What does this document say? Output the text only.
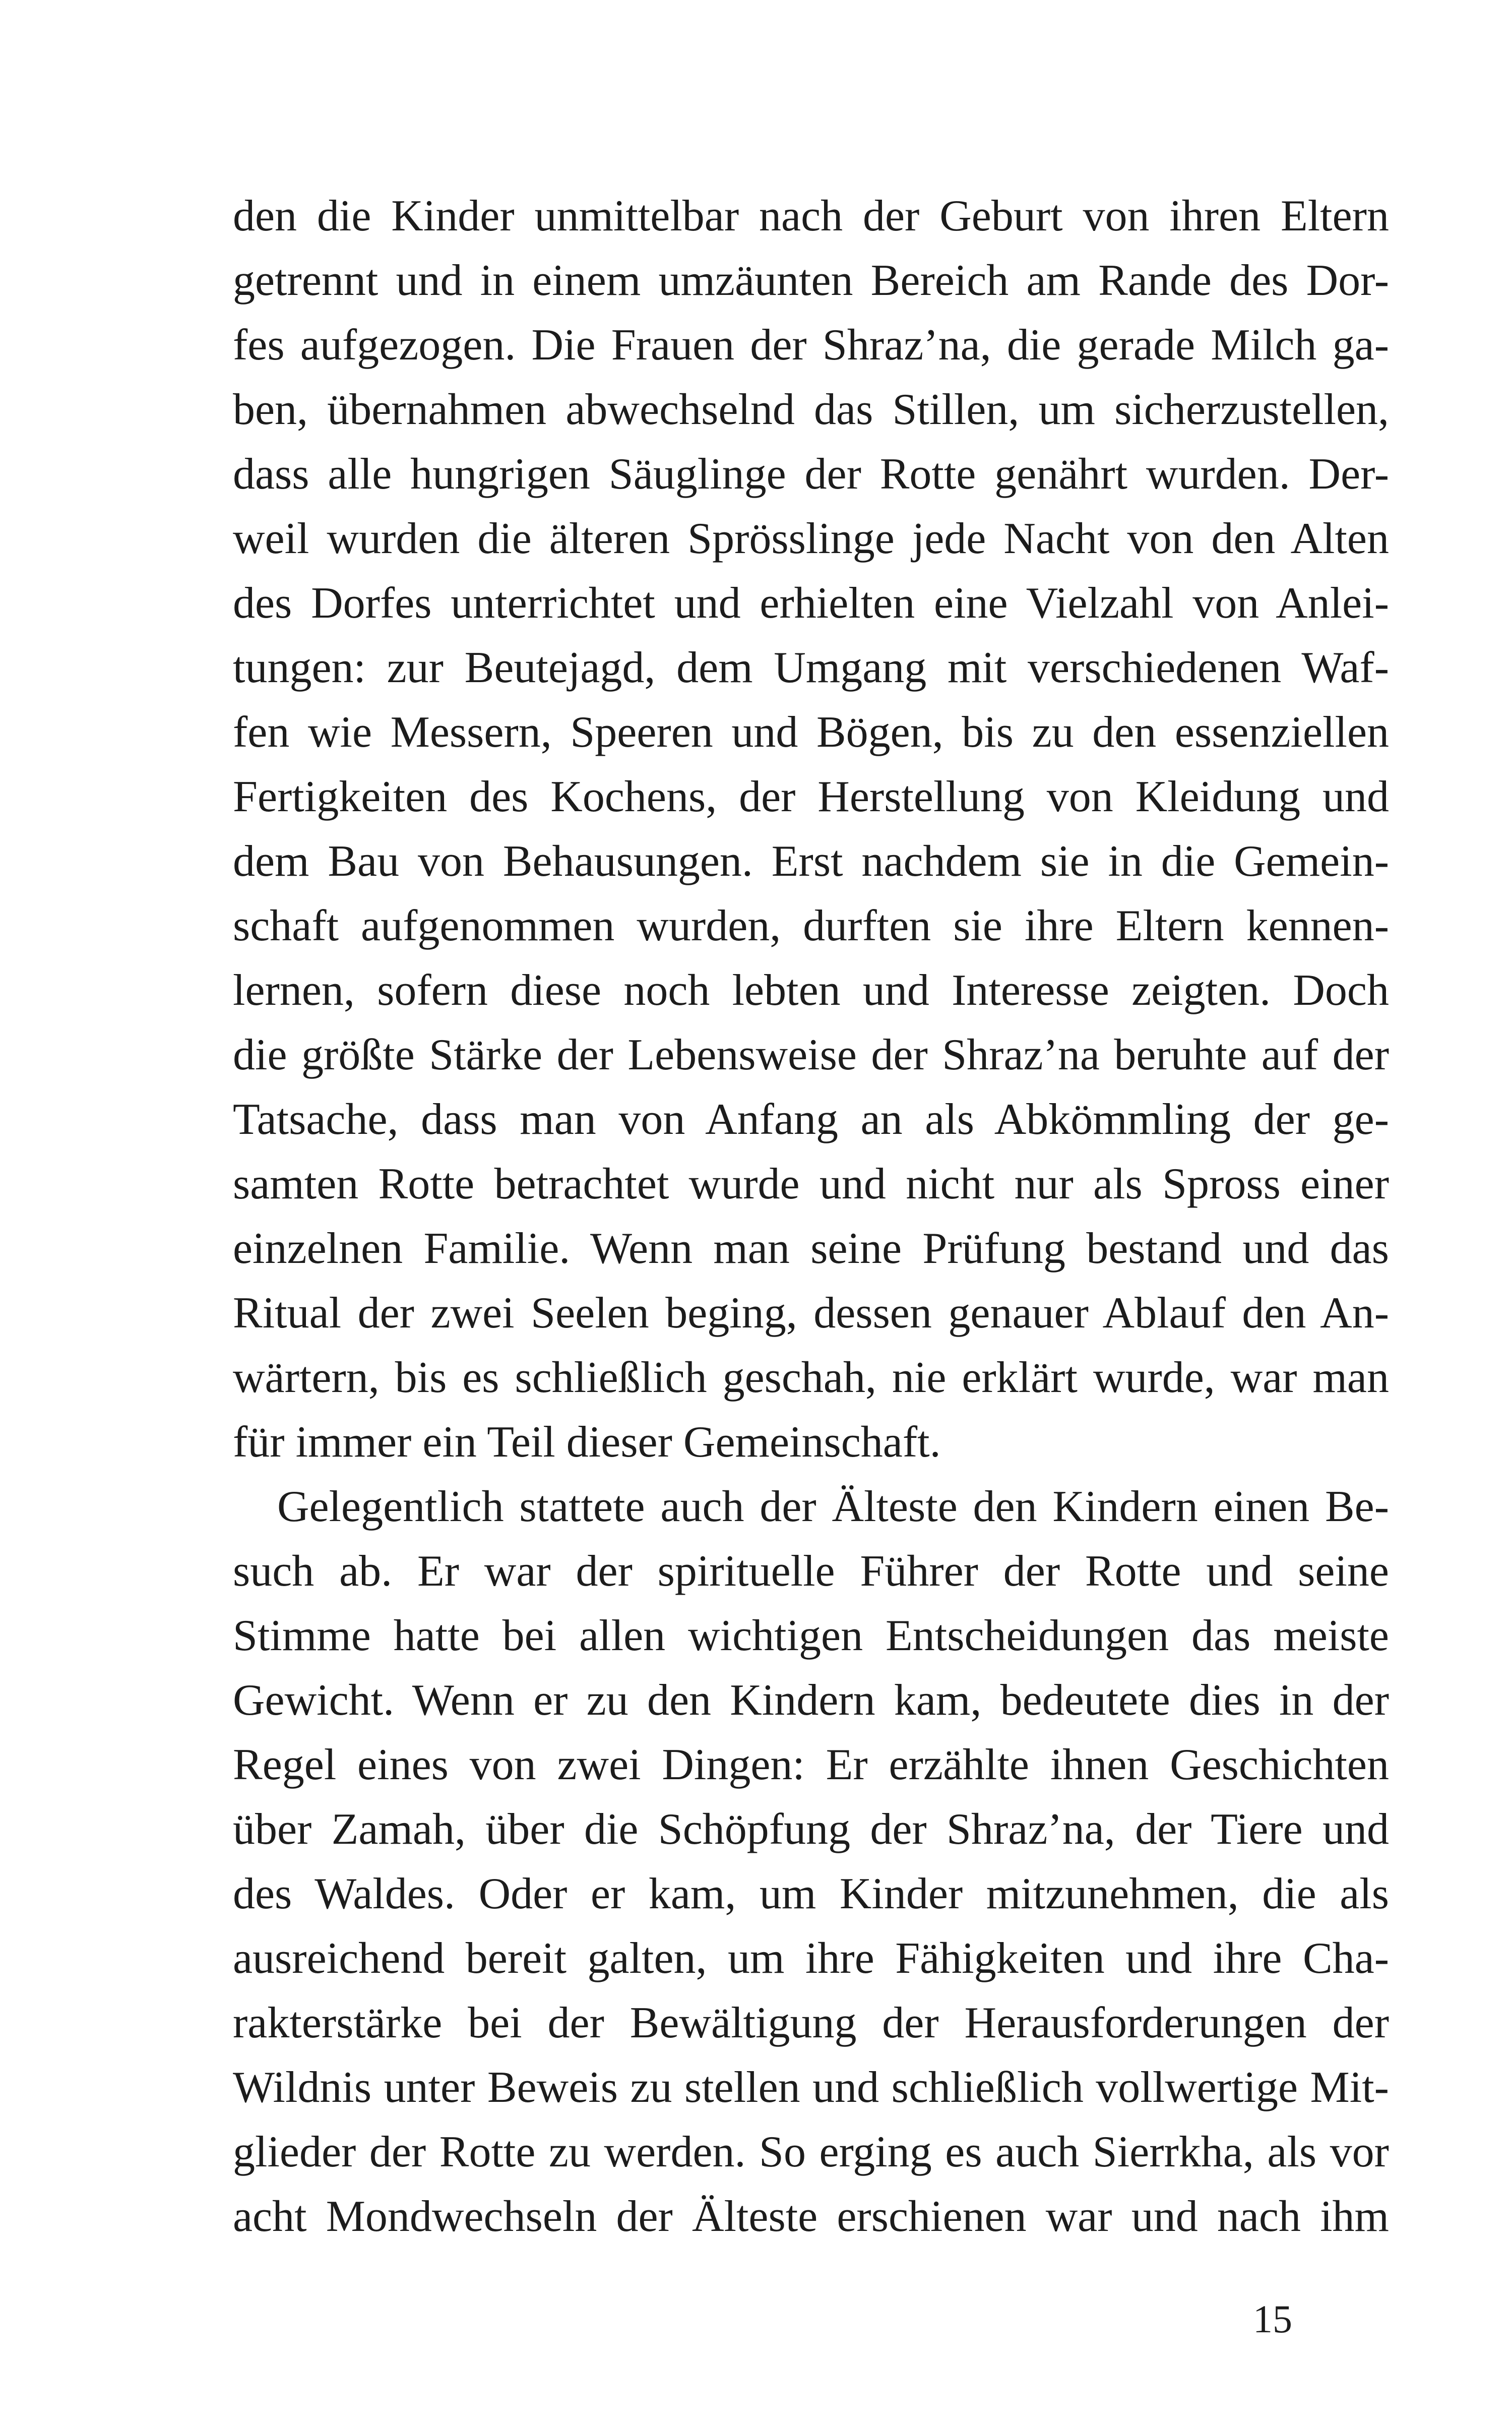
den die Kinder unmittelbar nach der Geburt von ihren Eltern
getrennt und in einem umzäunten Bereich am Rande des Dor-
fes aufgezogen. Die Frauen der Shraz’na, die gerade Milch ga-
ben, übernahmen abwechselnd das Stillen, um sicherzustellen,
dass alle hungrigen Säuglinge der Rotte genährt wurden. Der-
weil wurden die älteren Sprösslinge jede Nacht von den Alten
des Dorfes unterrichtet und erhielten eine Vielzahl von Anlei-
tungen: zur Beutejagd, dem Umgang mit verschiedenen Waf-
fen wie Messern, Speeren und Bögen, bis zu den essenziellen
Fertigkeiten des Kochens, der Herstellung von Kleidung und
dem Bau von Behausungen. Erst nachdem sie in die Gemein-
schaft aufgenommen wurden, durften sie ihre Eltern kennen-
lernen, sofern diese noch lebten und Interesse zeigten. Doch
die größte Stärke der Lebensweise der Shraz’na beruhte auf der
Tatsache, dass man von Anfang an als Abkömmling der ge-
samten Rotte betrachtet wurde und nicht nur als Spross einer
einzelnen Familie. Wenn man seine Prüfung bestand und das
Ritual der zwei Seelen beging, dessen genauer Ablauf den An-
wärtern, bis es schließlich geschah, nie erklärt wurde, war man
für immer ein Teil dieser Gemeinschaft.
Gelegentlich stattete auch der Älteste den Kindern einen Be-
such ab. Er war der spirituelle Führer der Rotte und seine
Stimme hatte bei allen wichtigen Entscheidungen das meiste
Gewicht. Wenn er zu den Kindern kam, bedeutete dies in der
Regel eines von zwei Dingen: Er erzählte ihnen Geschichten
über Zamah, über die Schöpfung der Shraz’na, der Tiere und
des Waldes. Oder er kam, um Kinder mitzunehmen, die als
ausreichend bereit galten, um ihre Fähigkeiten und ihre Cha-
rakterstärke bei der Bewältigung der Herausforderungen der
Wildnis unter Beweis zu stellen und schließlich vollwertige Mit-
glieder der Rotte zu werden. So erging es auch Sierrkha, als vor
acht Mondwechseln der Älteste erschienen war und nach ihm
15
